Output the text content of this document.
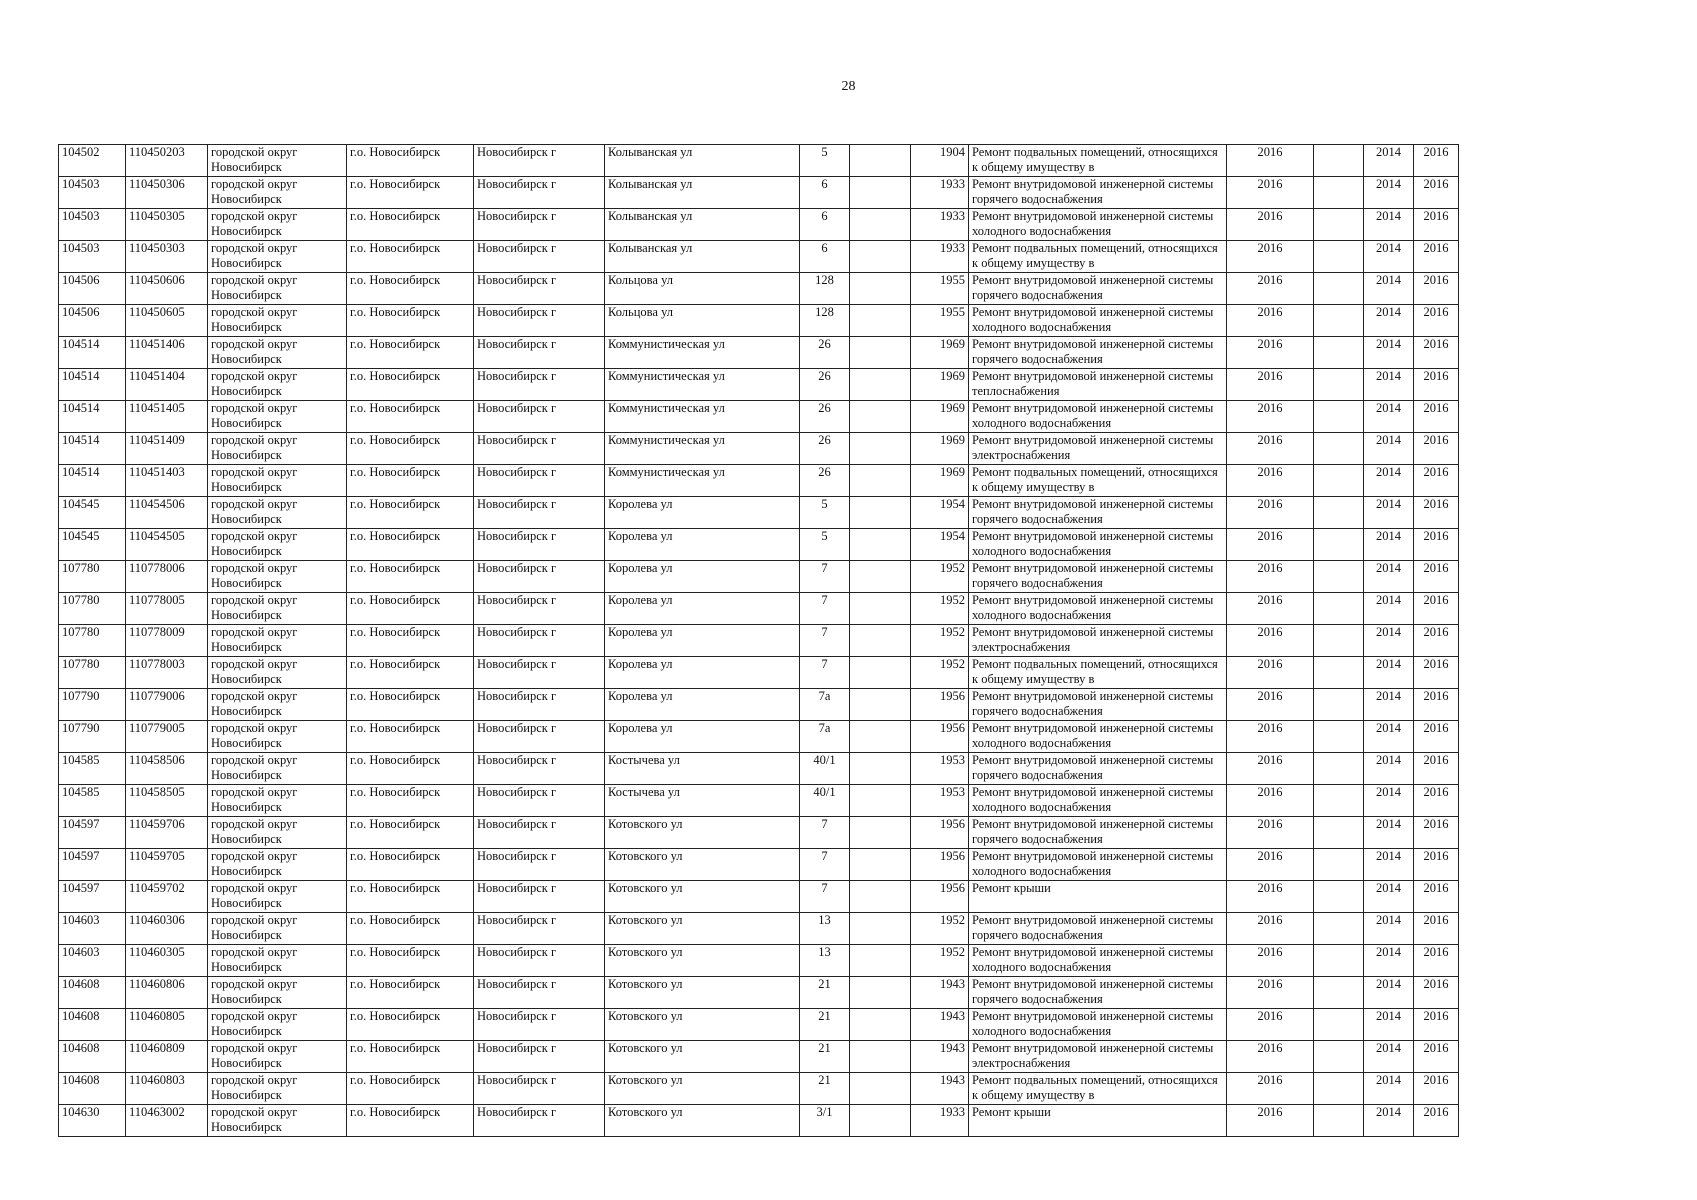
28
104502	110450203	городской округ Новосибирск	г.о. Новосибирск	Новосибирск г	Колыванская ул	5		1904	Ремонт подвальных помещений, относящихся к общему имуществу в	2016		2014	2016
104503	110450306	городской округ Новосибирск	г.о. Новосибирск	Новосибирск г	Колыванская ул	6		1933	Ремонт внутридомовой инженерной системы горячего водоснабжения	2016		2014	2016
104503	110450305	городской округ Новосибирск	г.о. Новосибирск	Новосибирск г	Колыванская ул	6		1933	Ремонт внутридомовой инженерной системы холодного водоснабжения	2016		2014	2016
104503	110450303	городской округ Новосибирск	г.о. Новосибирск	Новосибирск г	Колыванская ул	6		1933	Ремонт подвальных помещений, относящихся к общему имуществу в	2016		2014	2016
104506	110450606	городской округ Новосибирск	г.о. Новосибирск	Новосибирск г	Кольцова ул	128		1955	Ремонт внутридомовой инженерной системы горячего водоснабжения	2016		2014	2016
104506	110450605	городской округ Новосибирск	г.о. Новосибирск	Новосибирск г	Кольцова ул	128		1955	Ремонт внутридомовой инженерной системы холодного водоснабжения	2016		2014	2016
104514	110451406	городской округ Новосибирск	г.о. Новосибирск	Новосибирск г	Коммунистическая ул	26		1969	Ремонт внутридомовой инженерной системы горячего водоснабжения	2016		2014	2016
104514	110451404	городской округ Новосибирск	г.о. Новосибирск	Новосибирск г	Коммунистическая ул	26		1969	Ремонт внутридомовой инженерной системы теплоснабжения	2016		2014	2016
104514	110451405	городской округ Новосибирск	г.о. Новосибирск	Новосибирск г	Коммунистическая ул	26		1969	Ремонт внутридомовой инженерной системы холодного водоснабжения	2016		2014	2016
104514	110451409	городской округ Новосибирск	г.о. Новосибирск	Новосибирск г	Коммунистическая ул	26		1969	Ремонт внутридомовой инженерной системы электроснабжения	2016		2014	2016
104514	110451403	городской округ Новосибирск	г.о. Новосибирск	Новосибирск г	Коммунистическая ул	26		1969	Ремонт подвальных помещений, относящихся к общему имуществу в	2016		2014	2016
104545	110454506	городской округ Новосибирск	г.о. Новосибирск	Новосибирск г	Королева ул	5		1954	Ремонт внутридомовой инженерной системы горячего водоснабжения	2016		2014	2016
104545	110454505	городской округ Новосибирск	г.о. Новосибирск	Новосибирск г	Королева ул	5		1954	Ремонт внутридомовой инженерной системы холодного водоснабжения	2016		2014	2016
107780	110778006	городской округ Новосибирск	г.о. Новосибирск	Новосибирск г	Королева ул	7		1952	Ремонт внутридомовой инженерной системы горячего водоснабжения	2016		2014	2016
107780	110778005	городской округ Новосибирск	г.о. Новосибирск	Новосибирск г	Королева ул	7		1952	Ремонт внутридомовой инженерной системы холодного водоснабжения	2016		2014	2016
107780	110778009	городской округ Новосибирск	г.о. Новосибирск	Новосибирск г	Королева ул	7		1952	Ремонт внутридомовой инженерной системы электроснабжения	2016		2014	2016
107780	110778003	городской округ Новосибирск	г.о. Новосибирск	Новосибирск г	Королева ул	7		1952	Ремонт подвальных помещений, относящихся к общему имуществу в	2016		2014	2016
107790	110779006	городской округ Новосибирск	г.о. Новосибирск	Новосибирск г	Королева ул	7а		1956	Ремонт внутридомовой инженерной системы горячего водоснабжения	2016		2014	2016
107790	110779005	городской округ Новосибирск	г.о. Новосибирск	Новосибирск г	Королева ул	7а		1956	Ремонт внутридомовой инженерной системы холодного водоснабжения	2016		2014	2016
104585	110458506	городской округ Новосибирск	г.о. Новосибирск	Новосибирск г	Костычева ул	40/1		1953	Ремонт внутридомовой инженерной системы горячего водоснабжения	2016		2014	2016
104585	110458505	городской округ Новосибирск	г.о. Новосибирск	Новосибирск г	Костычева ул	40/1		1953	Ремонт внутридомовой инженерной системы холодного водоснабжения	2016		2014	2016
104597	110459706	городской округ Новосибирск	г.о. Новосибирск	Новосибирск г	Котовского ул	7		1956	Ремонт внутридомовой инженерной системы горячего водоснабжения	2016		2014	2016
104597	110459705	городской округ Новосибирск	г.о. Новосибирск	Новосибирск г	Котовского ул	7		1956	Ремонт внутридомовой инженерной системы холодного водоснабжения	2016		2014	2016
104597	110459702	городской округ Новосибирск	г.о. Новосибирск	Новосибирск г	Котовского ул	7		1956	Ремонт крыши	2016		2014	2016
104603	110460306	городской округ Новосибирск	г.о. Новосибирск	Новосибирск г	Котовского ул	13		1952	Ремонт внутридомовой инженерной системы горячего водоснабжения	2016		2014	2016
104603	110460305	городской округ Новосибирск	г.о. Новосибирск	Новосибирск г	Котовского ул	13		1952	Ремонт внутридомовой инженерной системы холодного водоснабжения	2016		2014	2016
104608	110460806	городской округ Новосибирск	г.о. Новосибирск	Новосибирск г	Котовского ул	21		1943	Ремонт внутридомовой инженерной системы горячего водоснабжения	2016		2014	2016
104608	110460805	городской округ Новосибирск	г.о. Новосибирск	Новосибирск г	Котовского ул	21		1943	Ремонт внутридомовой инженерной системы холодного водоснабжения	2016		2014	2016
104608	110460809	городской округ Новосибирск	г.о. Новосибирск	Новосибирск г	Котовского ул	21		1943	Ремонт внутридомовой инженерной системы электроснабжения	2016		2014	2016
104608	110460803	городской округ Новосибирск	г.о. Новосибирск	Новосибирск г	Котовского ул	21		1943	Ремонт подвальных помещений, относящихся к общему имуществу в	2016		2014	2016
104630	110463002	городской округ Новосибирск	г.о. Новосибирск	Новосибирск г	Котовского ул	3/1		1933	Ремонт крыши	2016		2014	2016
